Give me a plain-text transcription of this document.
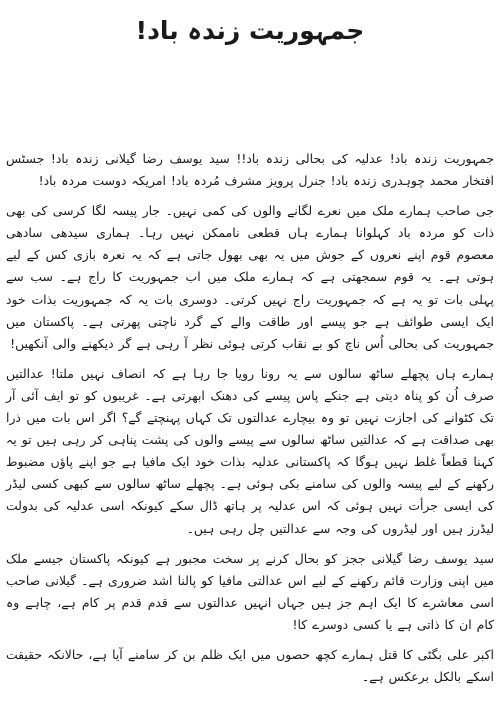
جمہوریت زندہ باد!

جمہوریت زندہ باد! عدلیہ کی بحالی زندہ باد!! سید یوسف رضا گیلانی زندہ باد! جسٹس افتخار محمد چوہدری زندہ باد! جنرل پرویز مشرف مُردہ باد! امریکہ دوست مردہ باد!

جی صاحب ہمارے ملک میں نعرے لگانے والوں کی کمی نہیں۔ جار پیسہ لگا کرسی کی بھی ذات کو مردہ باد کہلوانا ہمارے ہاں قطعی ناممکن نہیں رہا۔ ہماری سیدھی سادھی معصوم قوم اپنے نعروں کے جوش میں یہ بھی بھول جاتی ہے کہ یہ نعرہ بازی کس کے لیے ہوتی ہے۔ یہ قوم سمجھتی ہے کہ ہمارے ملک میں اب جمہوریت کا راج ہے۔ سب سے پہلی بات تو یہ ہے کہ جمہوریت راج نہیں کرتی۔ دوسری بات یہ کہ جمہوریت بذات خود ایک ایسی طوائف ہے جو پیسے اور طاقت والے کے گرد ناچتی پھرتی ہے۔ پاکستان میں جمہوریت کی بحالی اُس ناچ کو بے نقاب کرتی ہوئی نظر آ رہی ہے گر دیکھنے والی آنکھیں!

ہمارے ہاں پچھلے ساٹھ سالوں سے یہ رونا رویا جا رہا ہے کہ انصاف نہیں ملتا! عدالتیں صرف اُن کو پناہ دیتی ہے جنکے پاس پیسے کی دھنک ابھرتی ہے۔ غریبوں کو تو ایف آئی آر تک کٹوانے کی اجازت نہیں تو وہ بیچارے عدالتوں تک کہاں پہنچتے گے؟ اگر اس بات میں ذرا بھی صداقت ہے کہ عدالتیں ساٹھ سالوں سے پیسے والوں کی پشت پناہی کر رہی ہیں تو یہ کہنا قطعاً غلط نہیں ہوگا کہ پاکستانی عدلیہ بذات خود ایک مافیا ہے جو اپنے پاؤں مضبوط رکھنے کے لیے پیسہ والوں کی سامنے بکی ہوئی ہے۔ پچھلے ساٹھ سالوں سے کبھی کسی لیڈر کی ایسی جرأت نہیں ہوئی کہ اس عدلیہ پر ہاتھ ڈال سکے کیونکہ اسی عدلیہ کی بدولت لیڈرز ہیں اور لیڈروں کی وجہ سے عدالتیں چل رہی ہیں۔

سید یوسف رضا گیلانی ججز کو بحال کرنے پر سخت مجبور ہے کیونکہ پاکستان جیسے ملک میں اپنی وزارت قائم رکھنے کے لیے اس عدالتی مافیا کو پالنا اشد ضروری ہے۔ گیلانی صاحب اسی معاشرے کا ایک اہم جز ہیں جہاں انہیں عدالتوں سے قدم قدم پر کام ہے، چاہے وہ کام ان کا ذاتی ہے یا کسی دوسرے کا!

اکبر علی بگٹی کا قتل ہمارے کچھ حصوں میں ایک ظلم بن کر سامنے آیا ہے، حالانکہ حقیقت اسکے بالکل برعکس ہے۔
